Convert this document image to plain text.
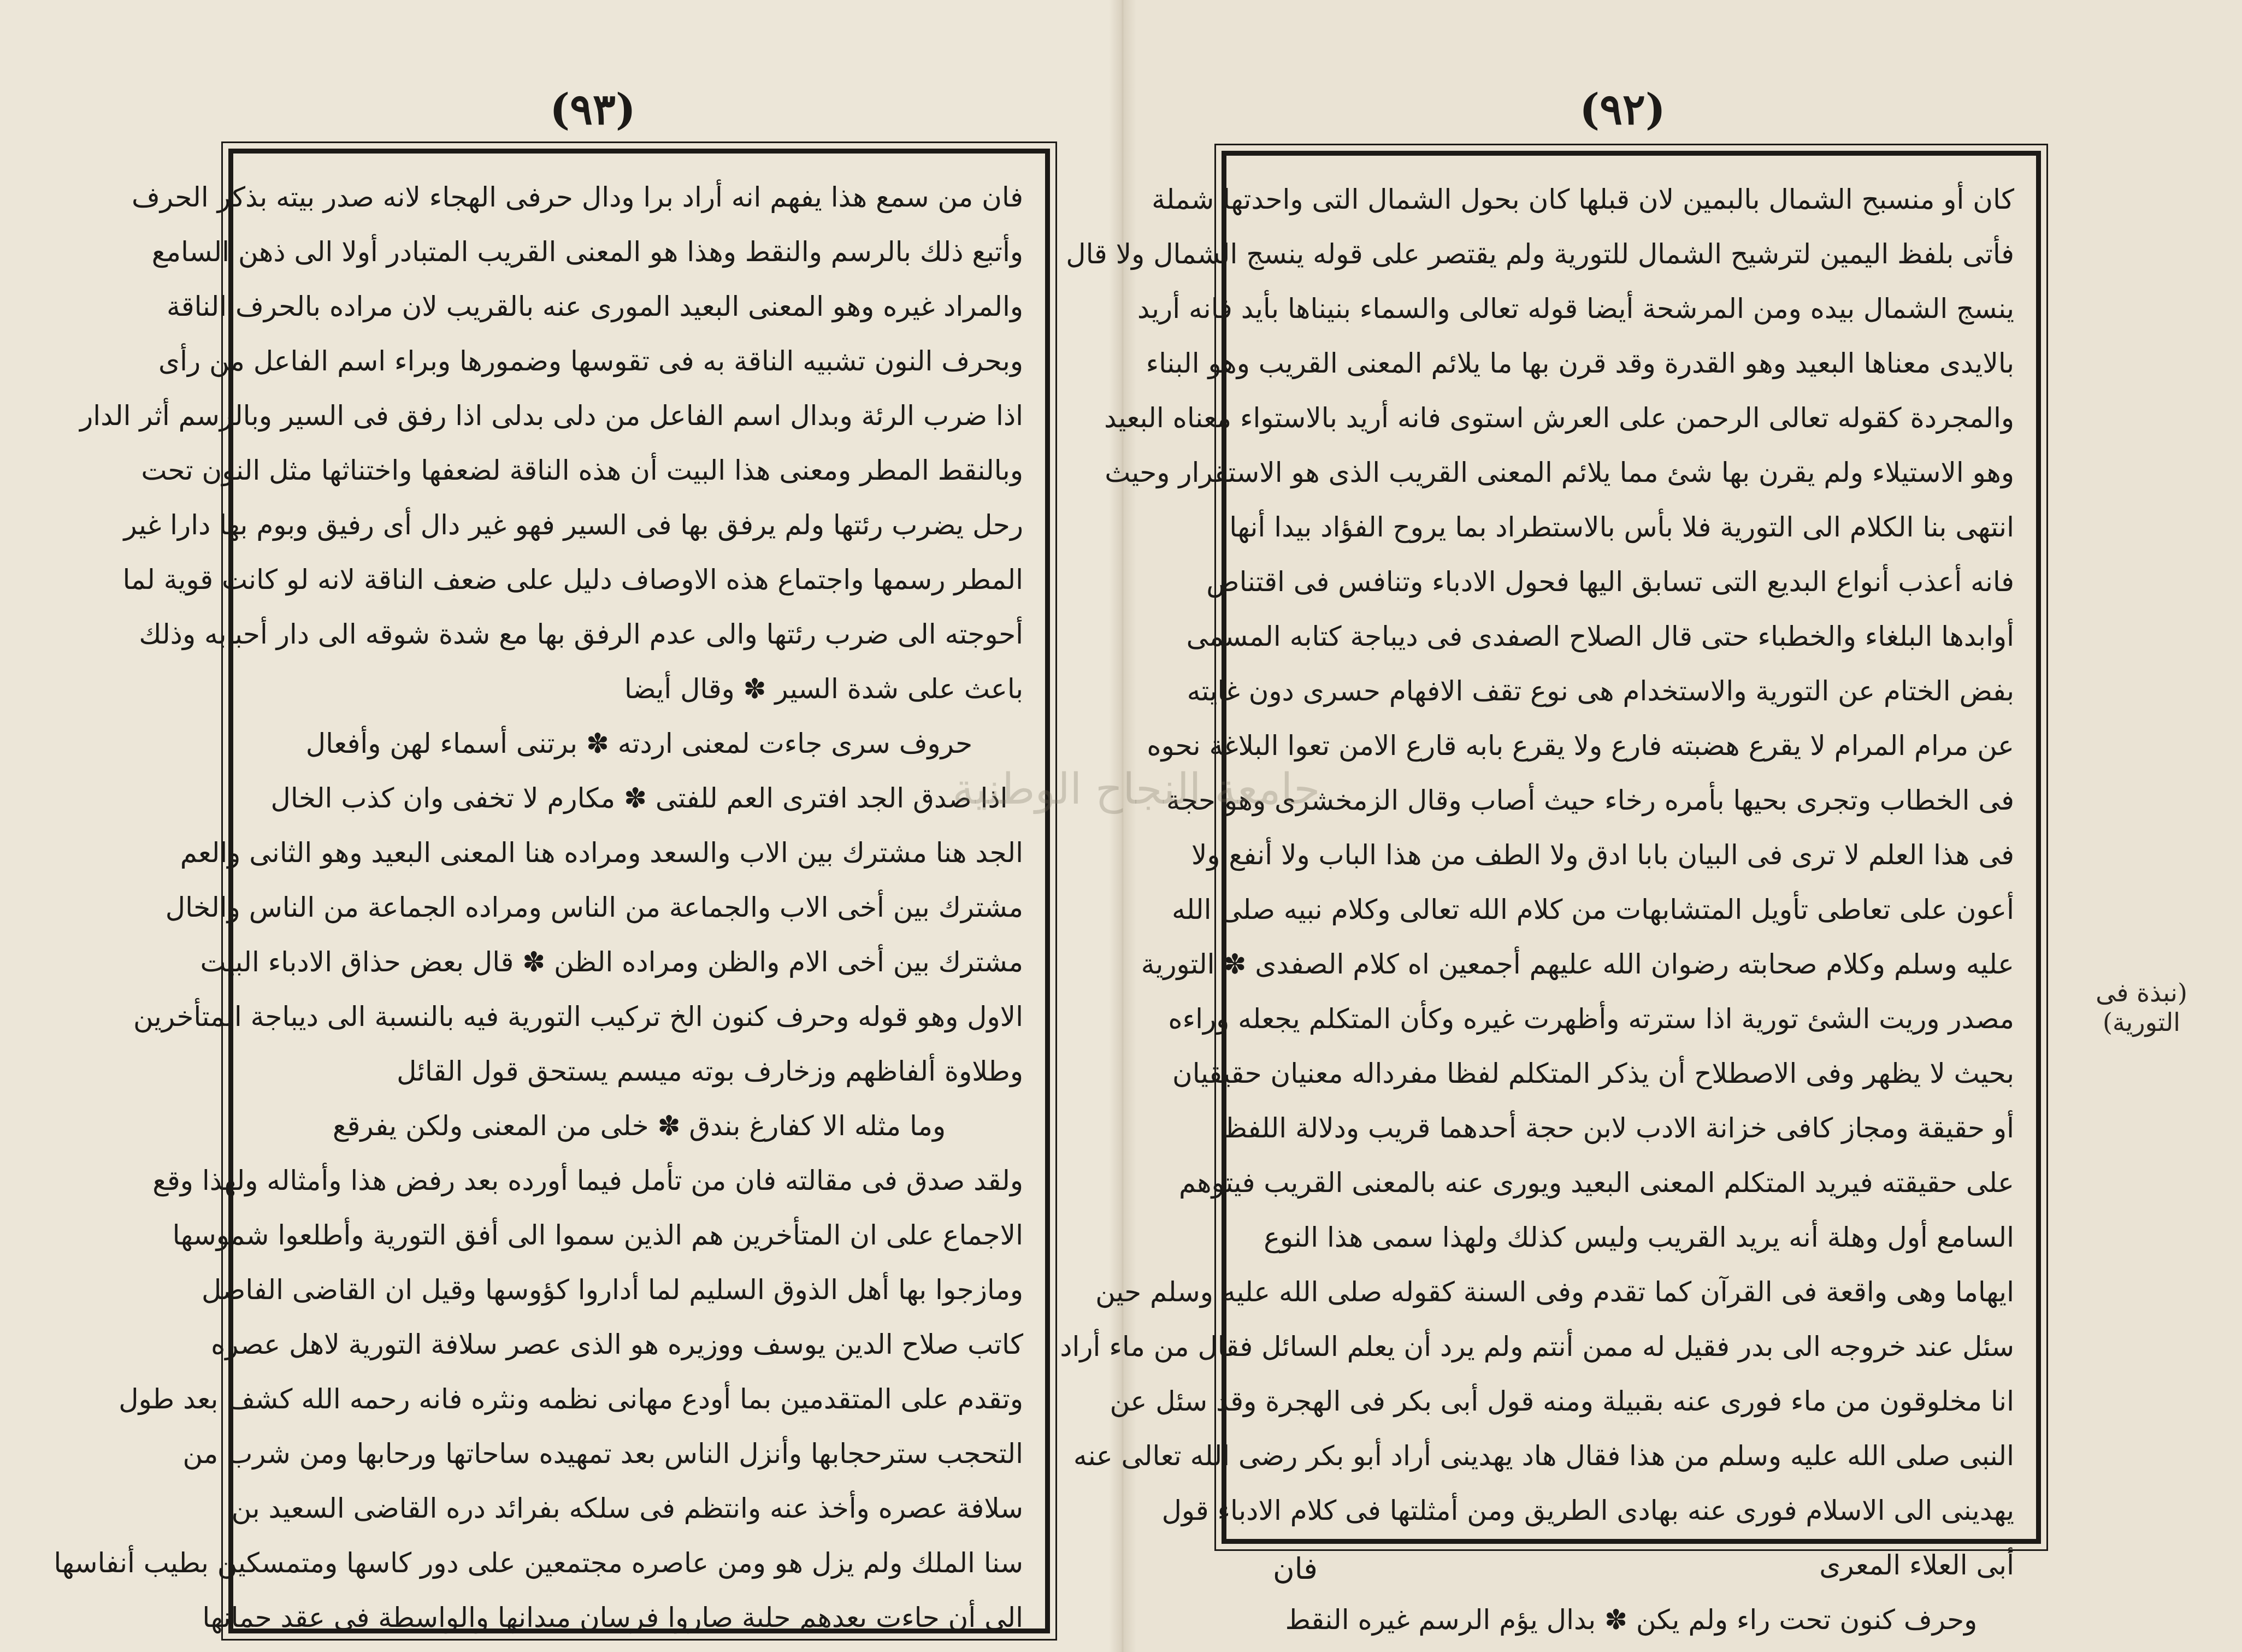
(٩٣)	(٩٢)
فان من سمع هذا يفهم انه أراد برا ودال حرفى الهجاء لانه صدر بيته بذكر الحرف
وأتبع ذلك بالرسم والنقط وهذا هو المعنى القريب المتبادر أولا الى ذهن السامع
والمراد غيره وهو المعنى البعيد المورى عنه بالقريب لان مراده بالحرف الناقة
وبحرف النون تشبيه الناقة به فى تقوسها وضمورها وبراء اسم الفاعل من رأى
اذا ضرب الرئة وبدال اسم الفاعل من دلى بدلى اذا رفق فى السير وبالرسم أثر الدار
وبالنقط المطر ومعنى هذا البيت أن هذه الناقة لضعفها واختناثها مثل النون تحت
رحل يضرب رئتها ولم يرفق بها فى السير فهو غير دال أى رفيق وبوم بها دارا غير
المطر رسمها واجتماع هذه الاوصاف دليل على ضعف الناقة لانه لو كانت قوية لما
أحوجته الى ضرب رئتها والى عدم الرفق بها مع شدة شوقه الى دار أحبابه وذلك
باعث على شدة السير ✽ وقال أيضا
حروف سرى جاءت لمعنى اردته ✽ برتنى أسماء لهن وأفعال
اذا صدق الجد افترى العم للفتى ✽ مكارم لا تخفى وان كذب الخال
الجد هنا مشترك بين الاب والسعد ومراده هنا المعنى البعيد وهو الثانى والعم
مشترك بين أخى الاب والجماعة من الناس ومراده الجماعة من الناس والخال
مشترك بين أخى الام والظن ومراده الظن ✽ قال بعض حذاق الادباء البيت
الاول وهو قوله وحرف كنون الخ تركيب التورية فيه بالنسبة الى ديباجة المتأخرين
وطلاوة ألفاظهم وزخارف بوته ميسم يستحق قول القائل
وما مثله الا كفارغ بندق ✽ خلى من المعنى ولكن يفرقع
ولقد صدق فى مقالته فان من تأمل فيما أورده بعد رفض هذا وأمثاله ولهذا وقع
الاجماع على ان المتأخرين هم الذين سموا الى أفق التورية وأطلعوا شموسها
ومازجوا بها أهل الذوق السليم لما أداروا كؤوسها وقيل ان القاضى الفاضل
كاتب صلاح الدين يوسف ووزيره هو الذى عصر سلافة التورية لاهل عصره
وتقدم على المتقدمين بما أودع مهانى نظمه ونثره فانه رحمه الله كشف بعد طول
التحجب سترحجابها وأنزل الناس بعد تمهيده ساحاتها ورحابها ومن شرب من
سلافة عصره وأخذ عنه وانتظم فى سلكه بفرائد دره القاضى السعيد بن
سنا الملك ولم يزل هو ومن عاصره مجتمعين على دور كاسها ومتمسكين بطيب أنفاسها
الى أن جاءت بعدهم حلبة صاروا فرسان ميدانها والواسطة فى عقد جمانها
كان أو منسبح الشمال بالبمين لان قبلها كان بحول الشمال التى واحدتها شملة
فأتى بلفظ اليمين لترشيح الشمال للتورية ولم يقتصر على قوله ينسج الشمال ولا قال
ينسج الشمال بيده ومن المرشحة أيضا قوله تعالى والسماء بنيناها بأيد فانه أريد
بالايدى معناها البعيد وهو القدرة وقد قرن بها ما يلائم المعنى القريب وهو البناء
والمجردة كقوله تعالى الرحمن على العرش استوى فانه أريد بالاستواء معناه البعيد
وهو الاستيلاء ولم يقرن بها شئ مما يلائم المعنى القريب الذى هو الاستقرار وحيث
انتهى بنا الكلام الى التورية فلا بأس بالاستطراد بما يروح الفؤاد بيدا أنها
فانه أعذب أنواع البديع التى تسابق اليها فحول الادباء وتنافس فى اقتناص
أوابدها البلغاء والخطباء حتى قال الصلاح الصفدى فى ديباجة كتابه المسمى
بفض الختام عن التورية والاستخدام هى نوع تقف الافهام حسرى دون غايته
عن مرام المرام لا يقرع هضبته فارع ولا يقرع بابه قارع الامن تعوا البلاغة نحوه
فى الخطاب وتجرى بحيها بأمره رخاء حيث أصاب وقال الزمخشرى وهو حجة
فى هذا العلم لا ترى فى البيان بابا ادق ولا الطف من هذا الباب ولا أنفع ولا
أعون على تعاطى تأويل المتشابهات من كلام الله تعالى وكلام نبيه صلى الله
عليه وسلم وكلام صحابته رضوان الله عليهم أجمعين اه كلام الصفدى ✽ التورية
مصدر وريت الشئ تورية اذا سترته وأظهرت غيره وكأن المتكلم يجعله وراءه
بحيث لا يظهر وفى الاصطلاح أن يذكر المتكلم لفظا مفرداله معنيان حقيقيان
أو حقيقة ومجاز كافى خزانة الادب لابن حجة أحدهما قريب ودلالة اللفظ
على حقيقته فيريد المتكلم المعنى البعيد ويورى عنه بالمعنى القريب فيتوهم
السامع أول وهلة أنه يريد القريب وليس كذلك ولهذا سمى هذا النوع
ايهاما وهى واقعة فى القرآن كما تقدم وفى السنة كقوله صلى الله عليه وسلم حين
سئل عند خروجه الى بدر فقيل له ممن أنتم ولم يرد أن يعلم السائل فقال من ماء أراد
انا مخلوقون من ماء فورى عنه بقبيلة ومنه قول أبى بكر فى الهجرة وقد سئل عن
النبى صلى الله عليه وسلم من هذا فقال هاد يهدينى أراد أبو بكر رضى الله تعالى عنه
يهدينى الى الاسلام فورى عنه بهادى الطريق ومن أمثلتها فى كلام الادباء قول
أبى العلاء المعرى
وحرف كنون تحت راء ولم يكن ✽ بدال يؤم الرسم غيره النقط
فان
(نبذة فى التورية)
جامعة النجاح الوطنية
